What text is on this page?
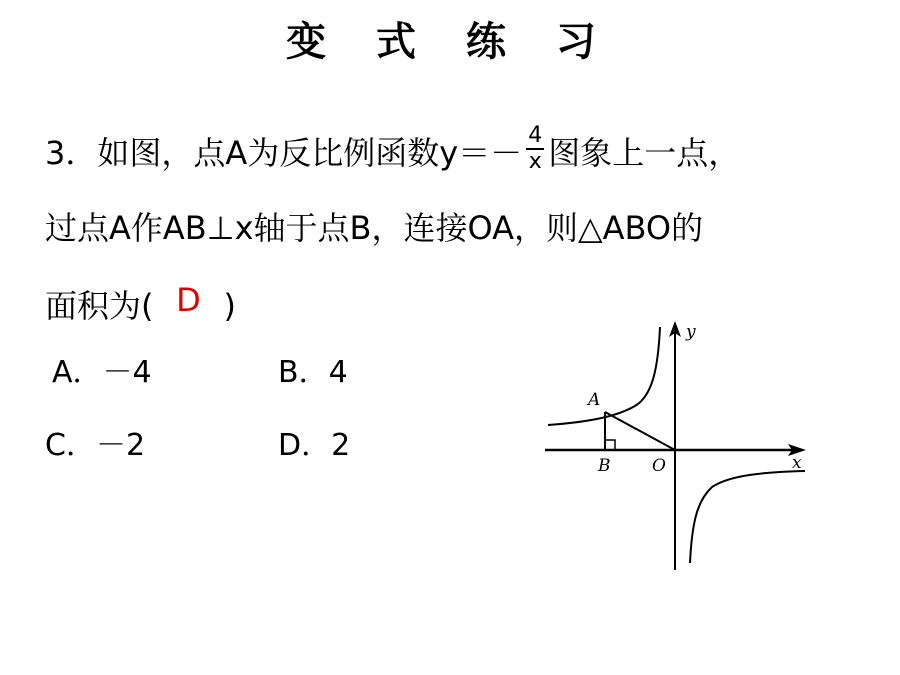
变 式 练 习
3．如图，点A为反比例函数$y=- \frac{4}{x}$ 图象上一点，
过点A作AB⊥x轴于点B，连接OA，则△ABO的
面积为( D )
A．－4	B．4
C．－2	D．2
y
x
A
B O
